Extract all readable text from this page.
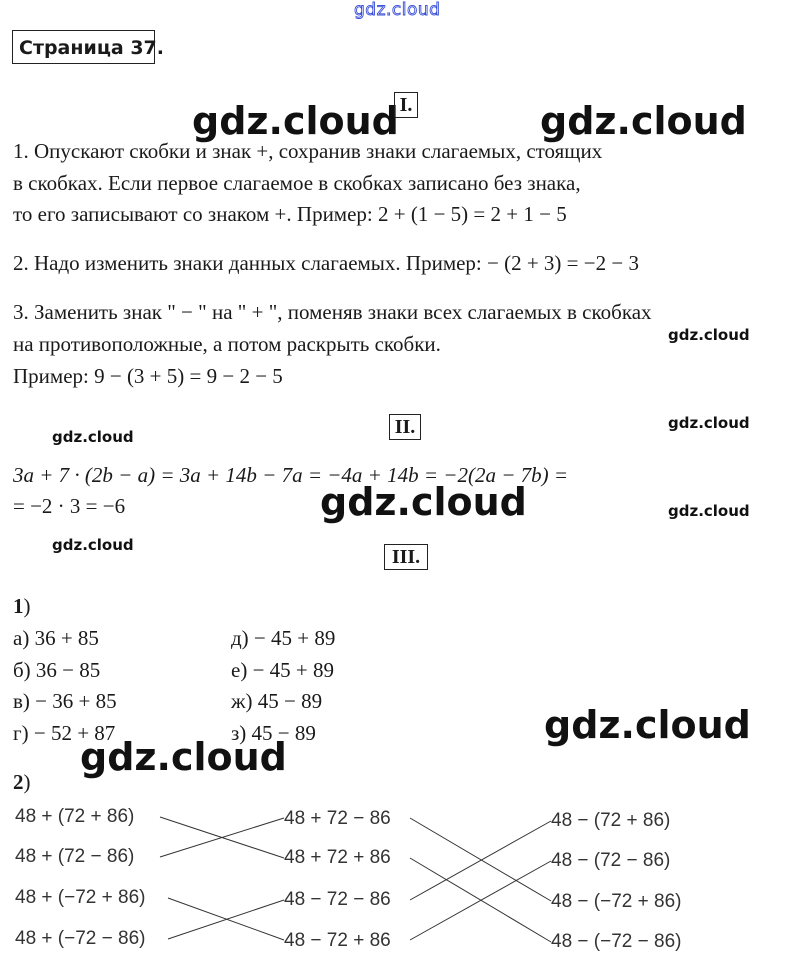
gdz.cloud
gdz.cloud	gdz.cloud
gdz.cloud
gdz.cloud
gdz.cloud
gdz.cloud
gdz.cloud
gdz.cloud
gdz.cloud
gdz.cloud
Страница 37.
I.
1. Опускают скобки и знак +, сохранив знаки слагаемых, стоящих
в скобках. Если первое слагаемое в скобках записано без знака,
то его записывают со знаком +. Пример: 2 + (1 − 5) = 2 + 1 − 5
2. Надо изменить знаки данных слагаемых. Пример: − (2 + 3) = −2 − 3
3. Заменить знак " − " на " + ", поменяв знаки всех слагаемых в скобках
на противоположные, а потом раскрыть скобки.
Пример: 9 − (3 + 5) = 9 − 2 − 5
II.
3a + 7 · (2b − a) = 3a + 14b − 7a = −4a + 14b = −2(2a − 7b) =
= −2 · 3 = −6
III.
1)
а) 36 + 85
б) 36 − 85
в) − 36 + 85
г) − 52 + 87
д) − 45 + 89
е) − 45 + 89
ж) 45 − 89
з) 45 − 89
2)
48 + (72 + 86)
48 + (72 − 86)
48 + (−72 + 86)
48 + (−72 − 86)
48 + 72 − 86
48 + 72 + 86
48 − 72 − 86
48 − 72 + 86
48 − (72 + 86)
48 − (72 − 86)
48 − (−72 + 86)
48 − (−72 − 86)
